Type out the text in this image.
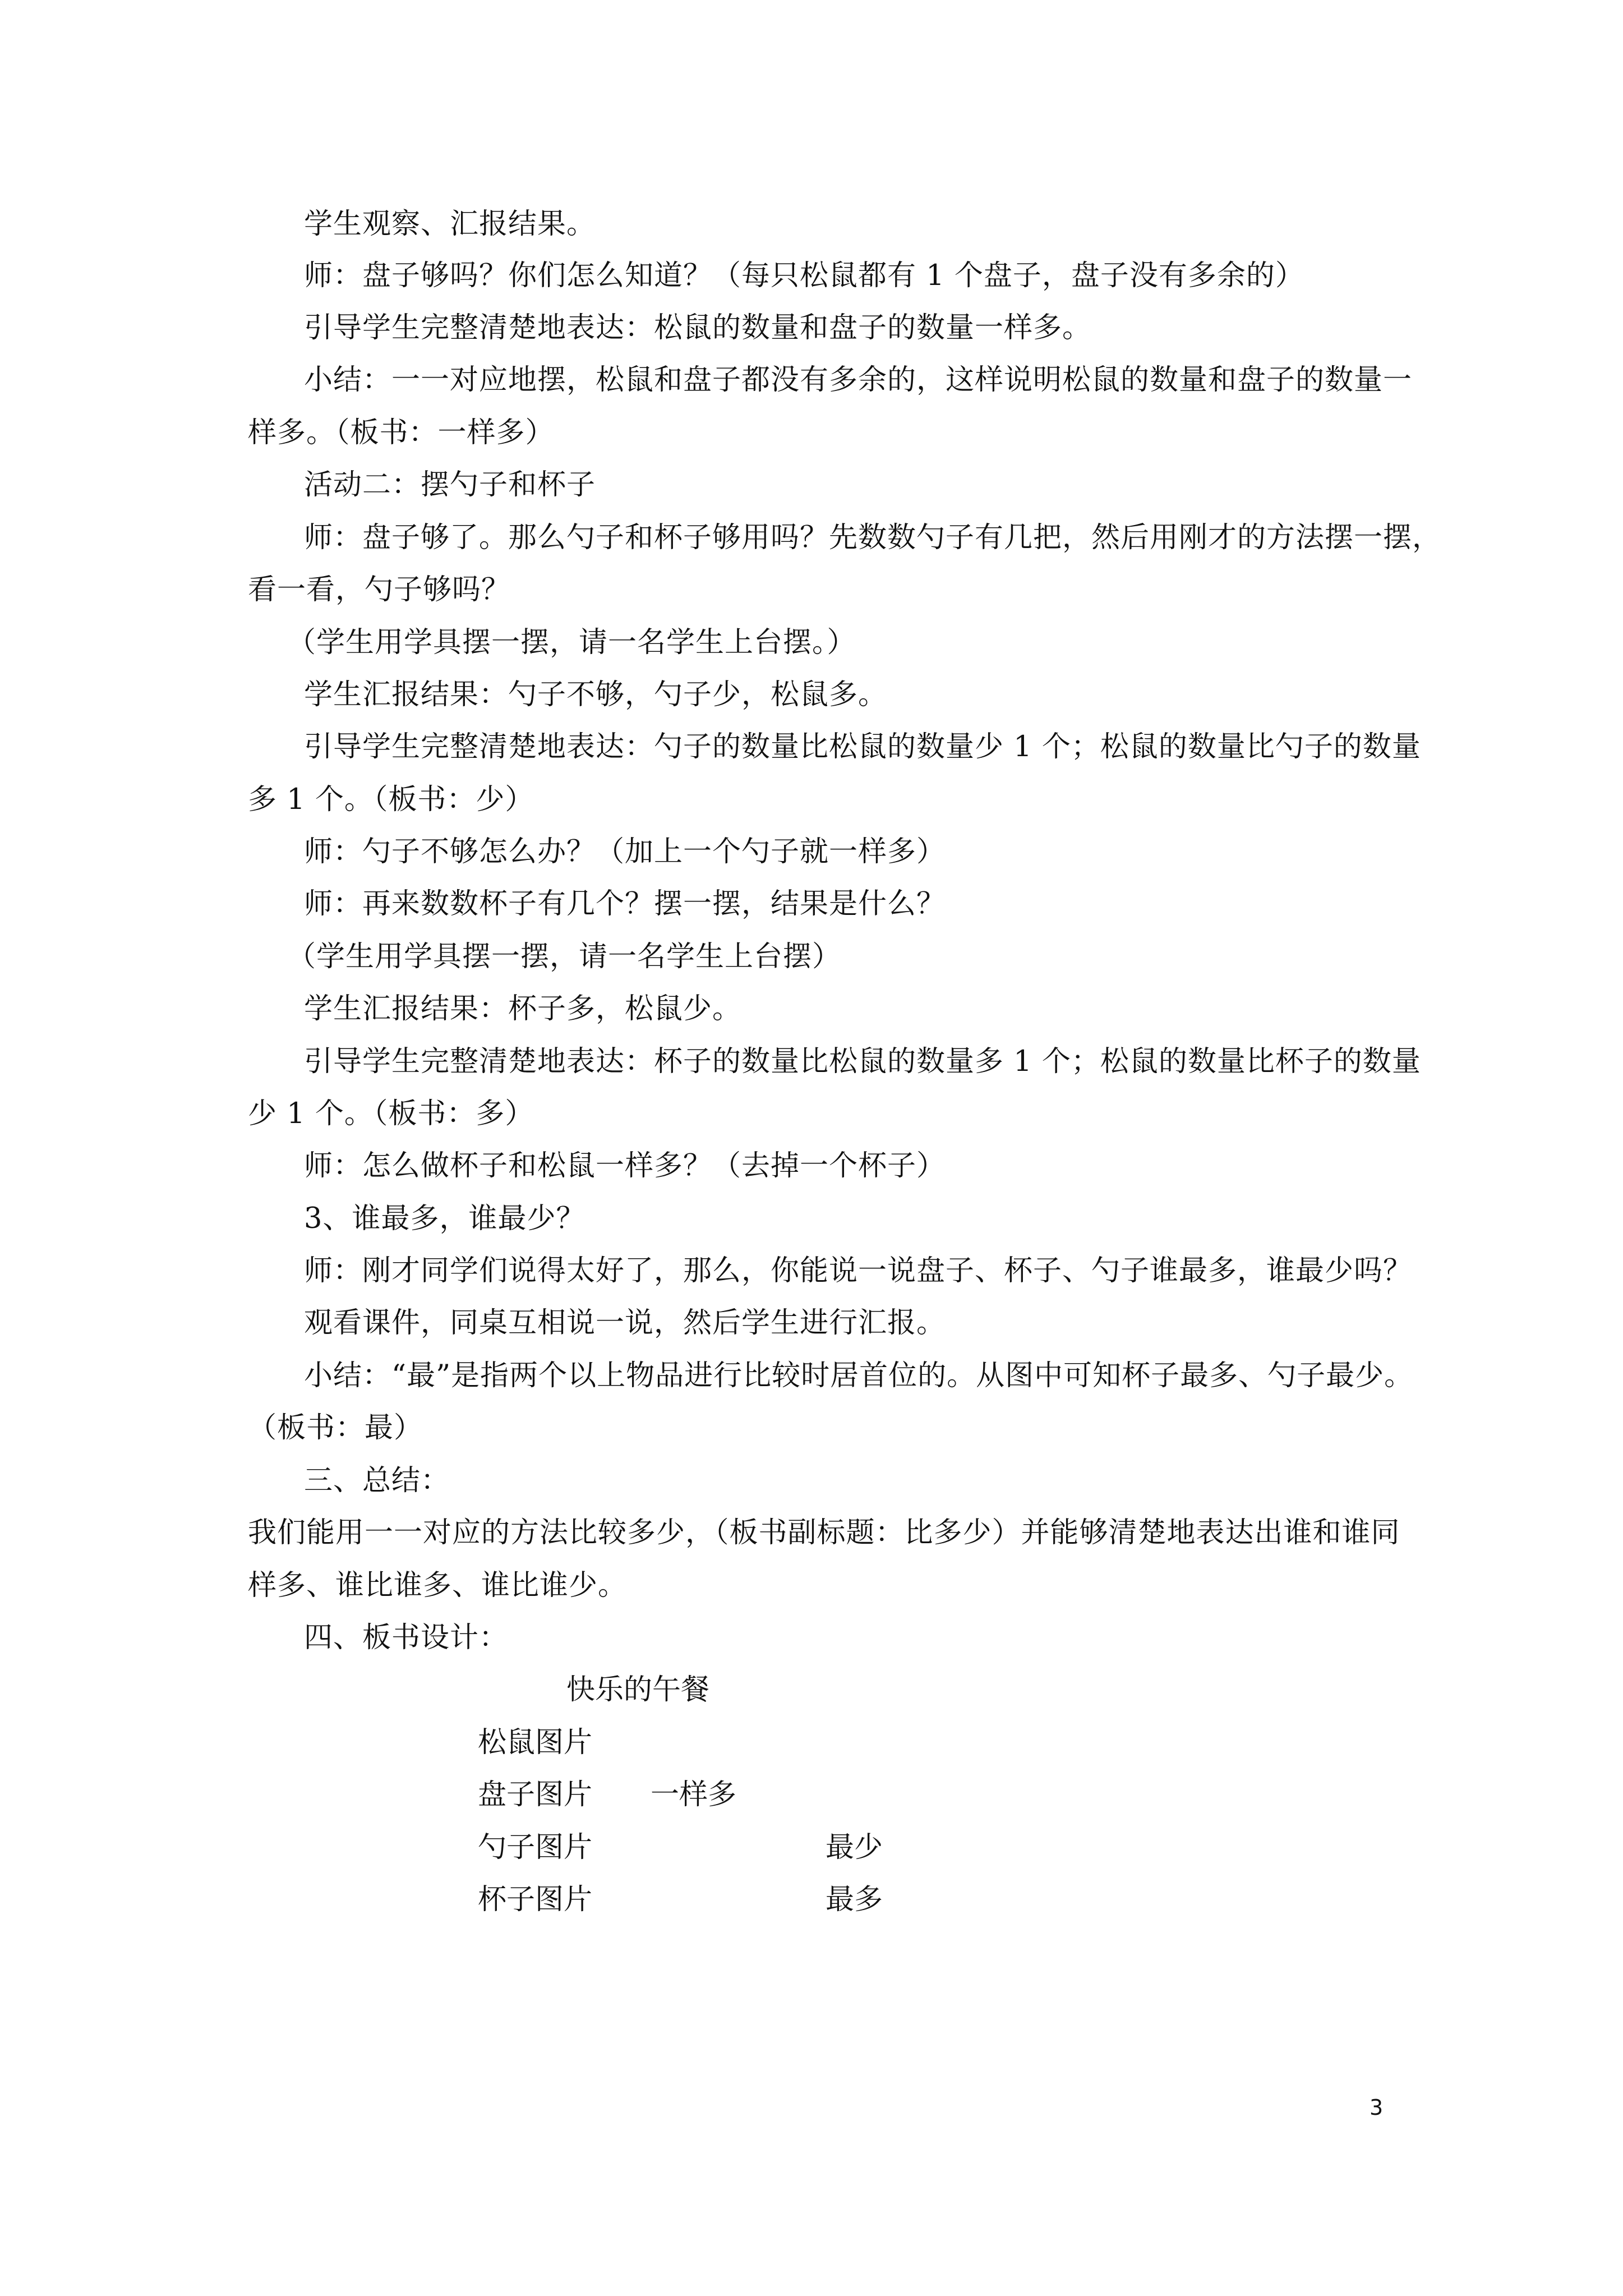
学生观察、汇报结果。
师：盘子够吗？你们怎么知道？（每只松鼠都有 1 个盘子，盘子没有多余的）
引导学生完整清楚地表达：松鼠的数量和盘子的数量一样多。
小结：一一对应地摆，松鼠和盘子都没有多余的，这样说明松鼠的数量和盘子的数量一
样多。（板书：一样多）
活动二：摆勺子和杯子
师：盘子够了。那么勺子和杯子够用吗？先数数勺子有几把，然后用刚才的方法摆一摆，
看一看，勺子够吗？
（学生用学具摆一摆，请一名学生上台摆。）
学生汇报结果：勺子不够，勺子少，松鼠多。
引导学生完整清楚地表达：勺子的数量比松鼠的数量少 1 个；松鼠的数量比勺子的数量
多 1 个。（板书：少）
师：勺子不够怎么办？（加上一个勺子就一样多）
师：再来数数杯子有几个？摆一摆，结果是什么？
（学生用学具摆一摆，请一名学生上台摆）
学生汇报结果：杯子多，松鼠少。
引导学生完整清楚地表达：杯子的数量比松鼠的数量多 1 个；松鼠的数量比杯子的数量
少 1 个。（板书：多）
师：怎么做杯子和松鼠一样多？（去掉一个杯子）
3、谁最多，谁最少？
师：刚才同学们说得太好了，那么，你能说一说盘子、杯子、勺子谁最多，谁最少吗？
观看课件，同桌互相说一说，然后学生进行汇报。
小结：“最”是指两个以上物品进行比较时居首位的。从图中可知杯子最多、勺子最少。
（板书：最）
三、总结：
我们能用一一对应的方法比较多少，（板书副标题：比多少）并能够清楚地表达出谁和谁同
样多、谁比谁多、谁比谁少。
四、板书设计：
快乐的午餐
松鼠图片
盘子图片 一样多
勺子图片	最少
杯子图片	最多
3
